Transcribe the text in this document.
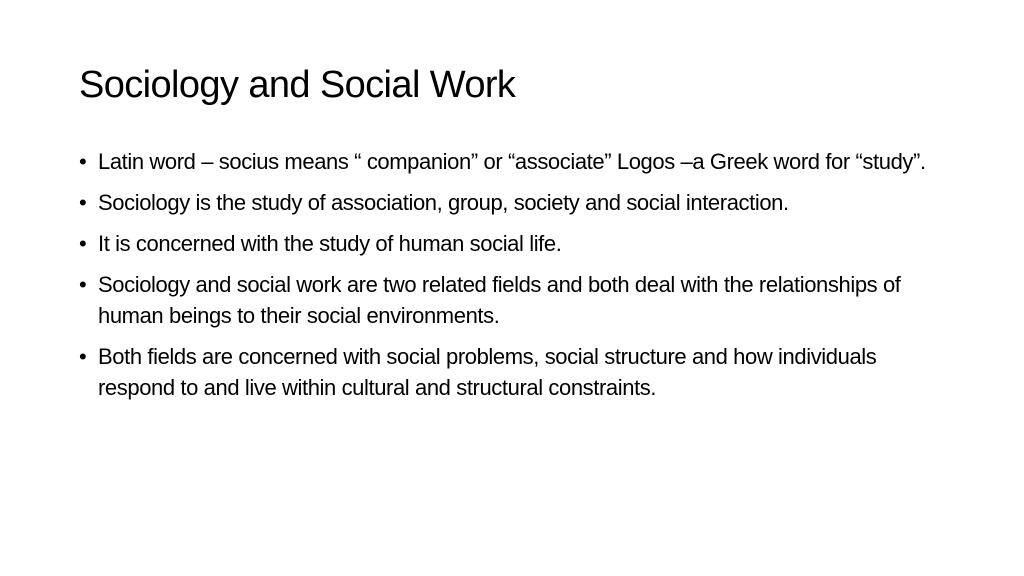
Sociology and Social Work
• Latin word – socius means “ companion” or “associate” Logos –a Greek word for “study”.
• Sociology is the study of association, group, society and social interaction.
• It is concerned with the study of human social life.
• Sociology and social work are two related fields and both deal with the relationships of human beings to their social environments.
• Both fields are concerned with social problems, social structure and how individuals respond to and live within cultural and structural constraints.
